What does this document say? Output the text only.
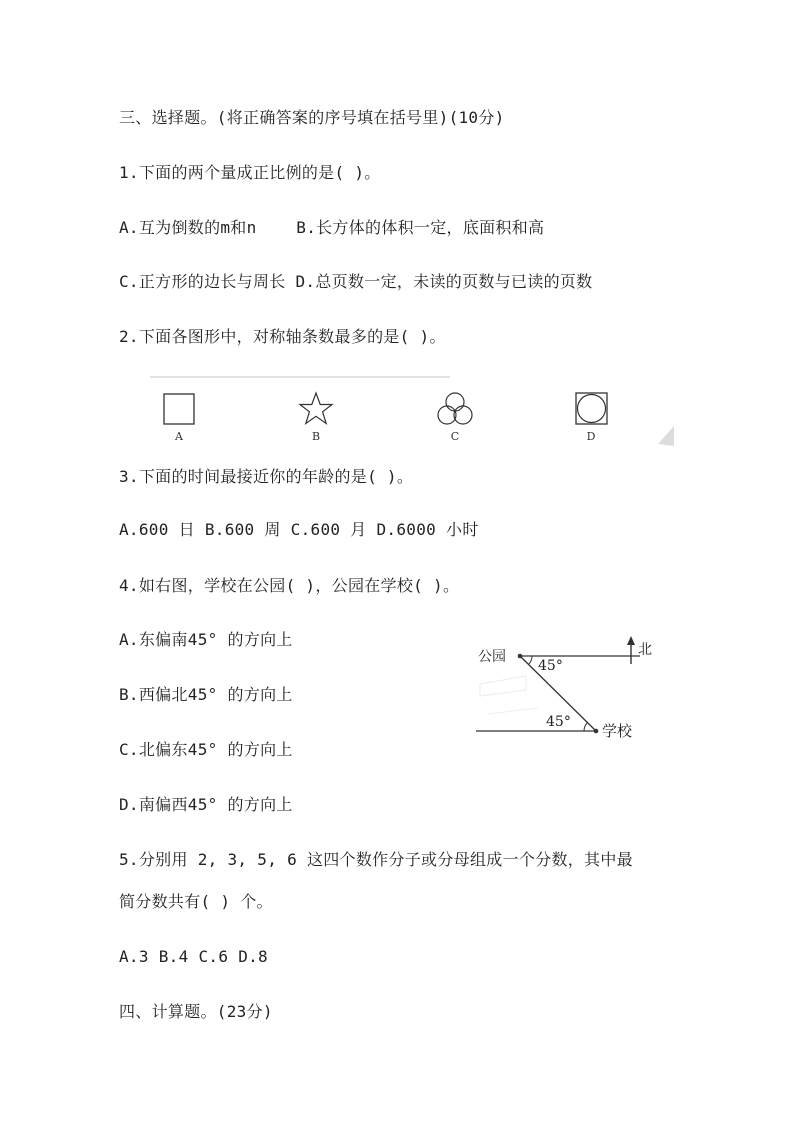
三、选择题。(将正确答案的序号填在括号里)(10分)
1.下面的两个量成正比例的是( )。
A.互为倒数的m和n    B.长方体的体积一定，底面积和高
C.正方形的边长与周长 D.总页数一定，未读的页数与已读的页数
2.下面各图形中，对称轴条数最多的是( )。
A	B	C	D
3.下面的时间最接近你的年龄的是( )。
A.600 日 B.600 周 C.600 月 D.6000 小时
4.如右图，学校在公园( )，公园在学校( )。
A.东偏南45° 的方向上
B.西偏北45° 的方向上
C.北偏东45° 的方向上
D.南偏西45° 的方向上
45°
45°
公园
学校
北
5.分别用 2, 3, 5, 6 这四个数作分子或分母组成一个分数，其中最
简分数共有( ) 个。
A.3 B.4 C.6 D.8
四、计算题。(23分)
